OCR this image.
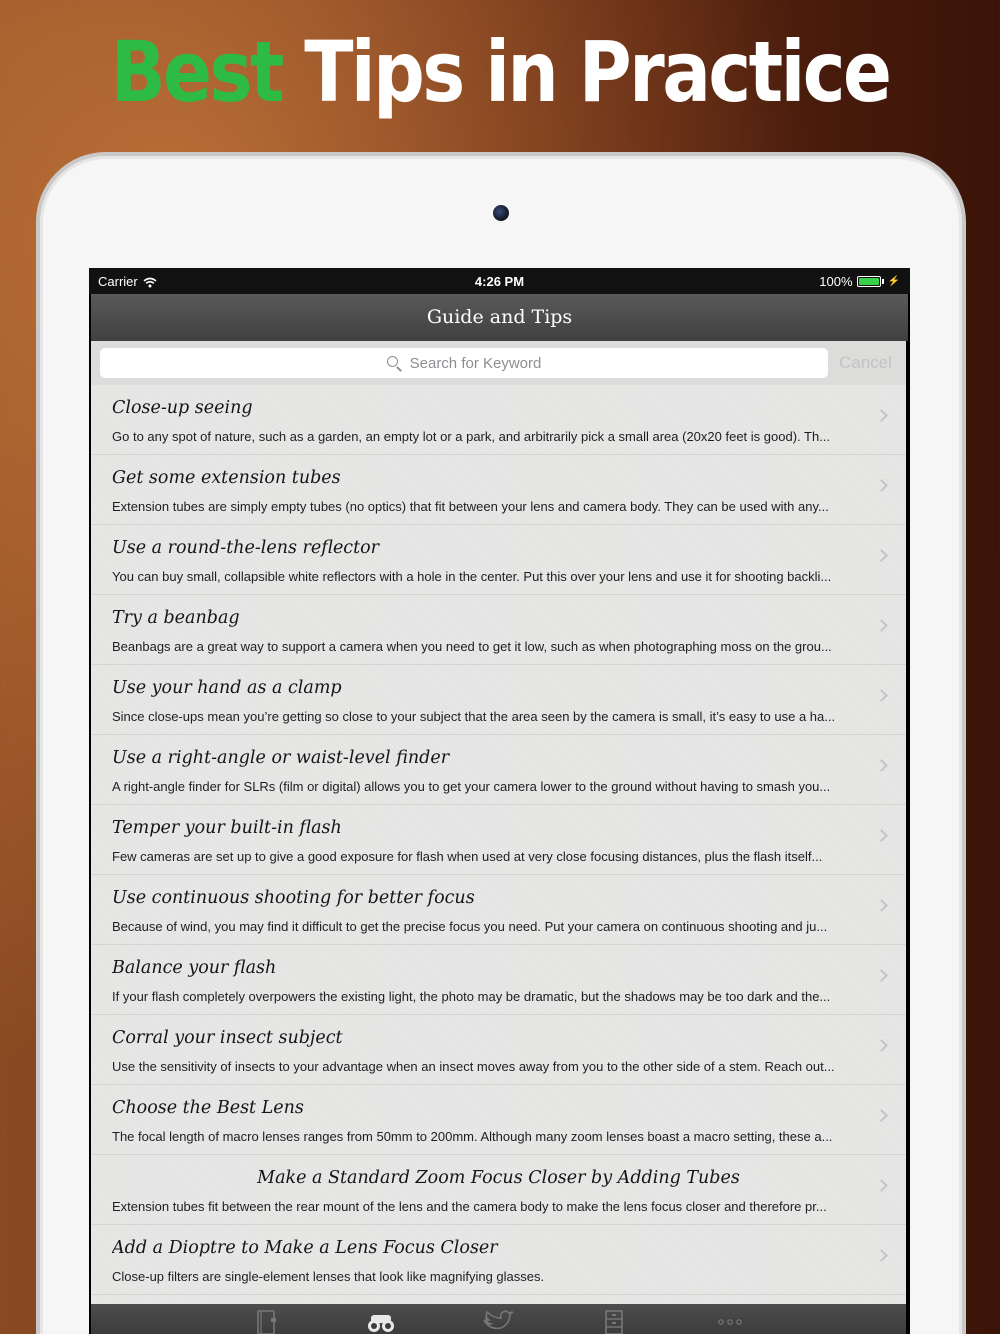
Best Tips in Practice
Carrier	4:26 PM	100%	⚡
Guide and Tips
Search for Keyword	Cancel
Close-up seeing
Go to any spot of nature, such as a garden, an empty lot or a park, and arbitrarily pick a small area (20x20 feet is good). Th...
Get some extension tubes
Extension tubes are simply empty tubes (no optics) that fit between your lens and camera body. They can be used with any...
Use a round-the-lens reflector
You can buy small, collapsible white reflectors with a hole in the center. Put this over your lens and use it for shooting backli...
Try a beanbag
Beanbags are a great way to support a camera when you need to get it low, such as when photographing moss on the grou...
Use your hand as a clamp
Since close-ups mean you’re getting so close to your subject that the area seen by the camera is small, it’s easy to use a ha...
Use a right-angle or waist-level finder
A right-angle finder for SLRs (film or digital) allows you to get your camera lower to the ground without having to smash you...
Temper your built-in flash
Few cameras are set up to give a good exposure for flash when used at very close focusing distances, plus the flash itself...
Use continuous shooting for better focus
Because of wind, you may find it difficult to get the precise focus you need. Put your camera on continuous shooting and ju...
Balance your flash
If your flash completely overpowers the existing light, the photo may be dramatic, but the shadows may be too dark and the...
Corral your insect subject
Use the sensitivity of insects to your advantage when an insect moves away from you to the other side of a stem. Reach out...
Choose the Best Lens
The focal length of macro lenses ranges from 50mm to 200mm. Although many zoom lenses boast a macro setting, these a...
Make a Standard Zoom Focus Closer by Adding Tubes
Extension tubes fit between the rear mount of the lens and the camera body to make the lens focus closer and therefore pr...
Add a Dioptre to Make a Lens Focus Closer
Close-up filters are single-element lenses that look like magnifying glasses.
